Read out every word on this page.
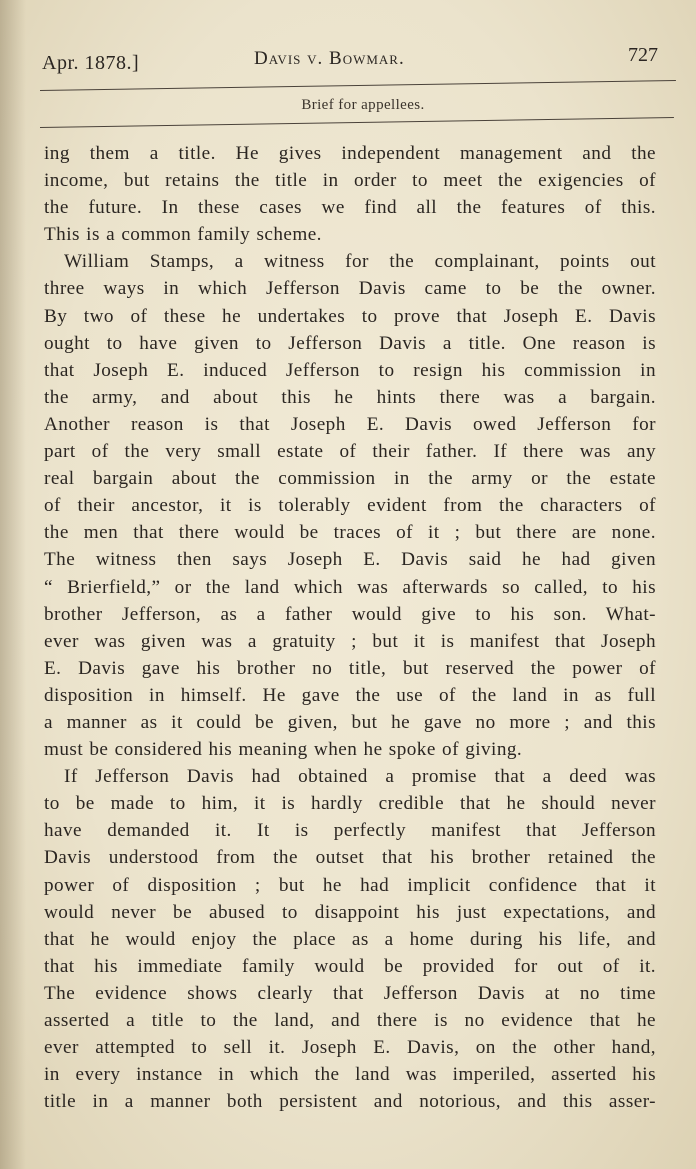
Apr. 1878.]	Davis v. Bowmar.	727
Brief for appellees.
ing them a title. He gives independent management and the
income, but retains the title in order to meet the exigencies of
the future. In these cases we find all the features of this.
This is a common family scheme.
William Stamps, a witness for the complainant, points out
three ways in which Jefferson Davis came to be the owner.
By two of these he undertakes to prove that Joseph E. Davis
ought to have given to Jefferson Davis a title. One reason is
that Joseph E. induced Jefferson to resign his commission in
the army, and about this he hints there was a bargain.
Another reason is that Joseph E. Davis owed Jefferson for
part of the very small estate of their father. If there was any
real bargain about the commission in the army or the estate
of their ancestor, it is tolerably evident from the characters of
the men that there would be traces of it ; but there are none.
The witness then says Joseph E. Davis said he had given
“ Brierfield,” or the land which was afterwards so called, to his
brother Jefferson, as a father would give to his son. What-
ever was given was a gratuity ; but it is manifest that Joseph
E. Davis gave his brother no title, but reserved the power of
disposition in himself. He gave the use of the land in as full
a manner as it could be given, but he gave no more ; and this
must be considered his meaning when he spoke of giving.
If Jefferson Davis had obtained a promise that a deed was
to be made to him, it is hardly credible that he should never
have demanded it. It is perfectly manifest that Jefferson
Davis understood from the outset that his brother retained the
power of disposition ; but he had implicit confidence that it
would never be abused to disappoint his just expectations, and
that he would enjoy the place as a home during his life, and
that his immediate family would be provided for out of it.
The evidence shows clearly that Jefferson Davis at no time
asserted a title to the land, and there is no evidence that he
ever attempted to sell it. Joseph E. Davis, on the other hand,
in every instance in which the land was imperiled, asserted his
title in a manner both persistent and notorious, and this asser-
